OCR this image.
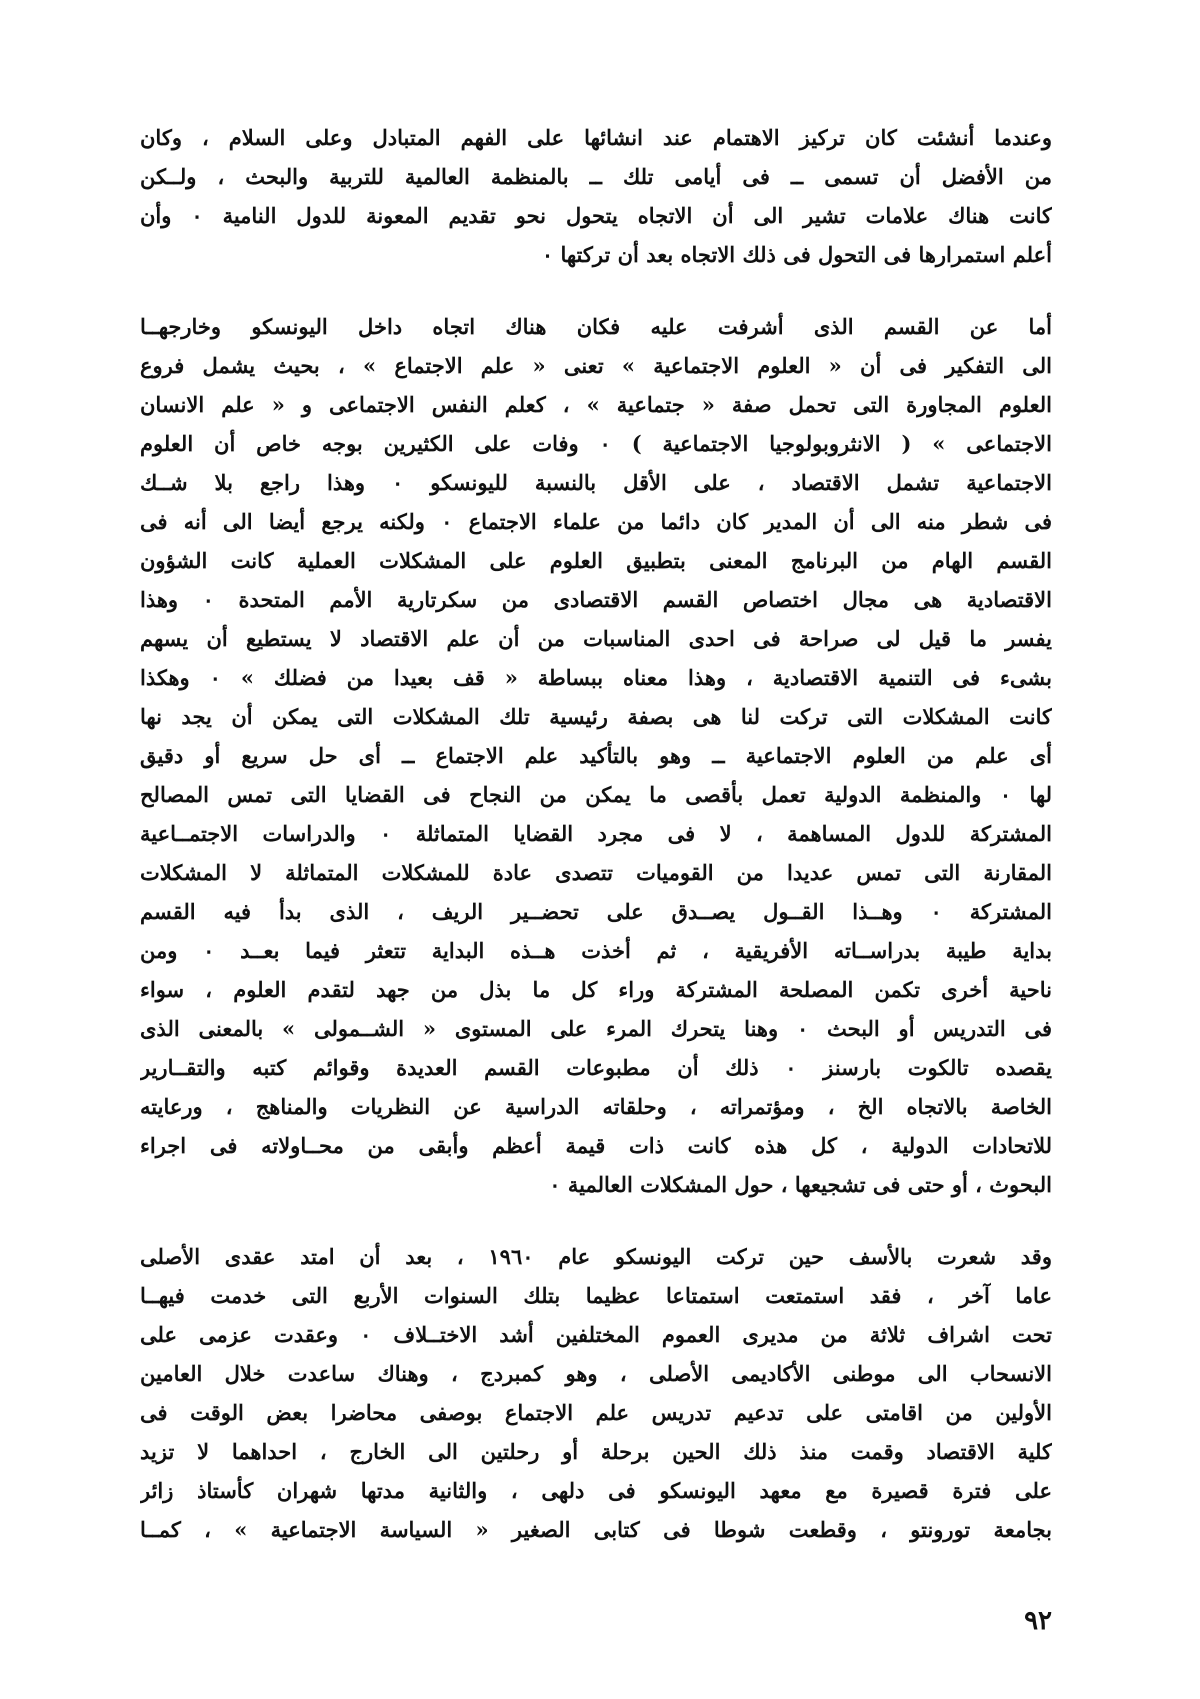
وعندما أنشئت كان تركيز الاهتمام عند انشائها على الفهم المتبادل وعلى السلام ، وكان
من الأفضل أن تسمى ــ فى أيامى تلك ــ بالمنظمة العالمية للتربية والبحث ، ولــكن
كانت هناك علامات تشير الى أن الاتجاه يتحول نحو تقديم المعونة للدول النامية ٠ وأن
أعلم استمرارها فى التحول فى ذلك الاتجاه بعد أن تركتها ٠
أما عن القسم الذى أشرفت عليه فكان هناك اتجاه داخل اليونسكو وخارجهــا
الى التفكير فى أن « العلوم الاجتماعية » تعنى « علم الاجتماع » ، بحيث يشمل فروع
العلوم المجاورة التى تحمل صفة « جتماعية » ، كعلم النفس الاجتماعى و « علم الانسان
الاجتماعى » ( الانثروبولوجيا الاجتماعية ) ٠ وفات على الكثيرين بوجه خاص أن العلوم
الاجتماعية تشمل الاقتصاد ، على الأقل بالنسبة لليونسكو ٠ وهذا راجع بلا شــك
فى شطر منه الى أن المدير كان دائما من علماء الاجتماع ٠ ولكنه يرجع أيضا الى أنه فى
القسم الهام من البرنامج المعنى بتطبيق العلوم على المشكلات العملية كانت الشؤون
الاقتصادية هى مجال اختصاص القسم الاقتصادى من سكرتارية الأمم المتحدة ٠ وهذا
يفسر ما قيل لى صراحة فى احدى المناسبات من أن علم الاقتصاد لا يستطيع أن يسهم
بشىء فى التنمية الاقتصادية ، وهذا معناه ببساطة « قف بعيدا من فضلك » ٠ وهكذا
كانت المشكلات التى تركت لنا هى بصفة رئيسية تلك المشكلات التى يمكن أن يجد نها
أى علم من العلوم الاجتماعية ــ وهو بالتأكيد علم الاجتماع ــ أى حل سريع أو دقيق
لها ٠ والمنظمة الدولية تعمل بأقصى ما يمكن من النجاح فى القضايا التى تمس المصالح
المشتركة للدول المساهمة ، لا فى مجرد القضايا المتماثلة ٠ والدراسات الاجتمــاعية
المقارنة التى تمس عديدا من القوميات تتصدى عادة للمشكلات المتماثلة لا المشكلات
المشتركة ٠ وهــذا القــول يصــدق على تحضــير الريف ، الذى بدأ فيه القسم
بداية طيبة بدراســاته الأفريقية ، ثم أخذت هــذه البداية تتعثر فيما بعــد ٠ ومن
ناحية أخرى تكمن المصلحة المشتركة وراء كل ما بذل من جهد لتقدم العلوم ، سواء
فى التدريس أو البحث ٠ وهنا يتحرك المرء على المستوى « الشــمولى » بالمعنى الذى
يقصده تالكوت بارسنز ٠ ذلك أن مطبوعات القسم العديدة وقوائم كتبه والتقــارير
الخاصة بالاتجاه الخ ، ومؤتمراته ، وحلقاته الدراسية عن النظريات والمناهج ، ورعايته
للاتحادات الدولية ، كل هذه كانت ذات قيمة أعظم وأبقى من محــاولاته فى اجراء
البحوث ، أو حتى فى تشجيعها ، حول المشكلات العالمية ٠
وقد شعرت بالأسف حين تركت اليونسكو عام ١٩٦٠ ، بعد أن امتد عقدى الأصلى
عاما آخر ، فقد استمتعت استمتاعا عظيما بتلك السنوات الأربع التى خدمت فيهــا
تحت اشراف ثلاثة من مديرى العموم المختلفين أشد الاختــلاف ٠ وعقدت عزمى على
الانسحاب الى موطنى الأكاديمى الأصلى ، وهو كمبردج ، وهناك ساعدت خلال العامين
الأولين من اقامتى على تدعيم تدريس علم الاجتماع بوصفى محاضرا بعض الوقت فى
كلية الاقتصاد وقمت منذ ذلك الحين برحلة أو رحلتين الى الخارج ، احداهما لا تزيد
على فترة قصيرة مع معهد اليونسكو فى دلهى ، والثانية مدتها شهران كأستاذ زائر
بجامعة تورونتو ، وقطعت شوطا فى كتابى الصغير « السياسة الاجتماعية » ، كمــا
٩٢
